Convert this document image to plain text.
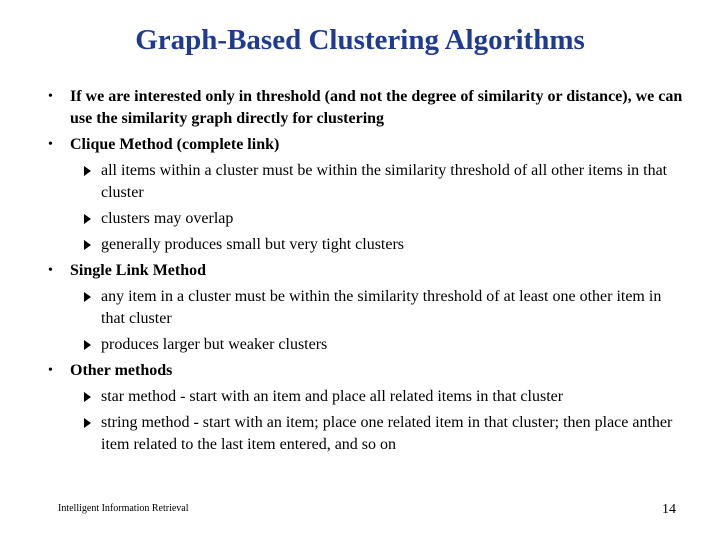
Graph-Based Clustering Algorithms
• If we are interested only in threshold (and not the degree of similarity or distance), we can use the similarity graph directly for clustering
• Clique Method (complete link)
all items within a cluster must be within the similarity threshold of all other items in that cluster
clusters may overlap
generally produces small but very tight clusters
• Single Link Method
any item in a cluster must be within the similarity threshold of at least one other item in that cluster
produces larger but weaker clusters
• Other methods
star method - start with an item and place all related items in that cluster
string method - start with an item; place one related item in that cluster; then place anther item related to the last item entered, and so on
Intelligent Information Retrieval	14
